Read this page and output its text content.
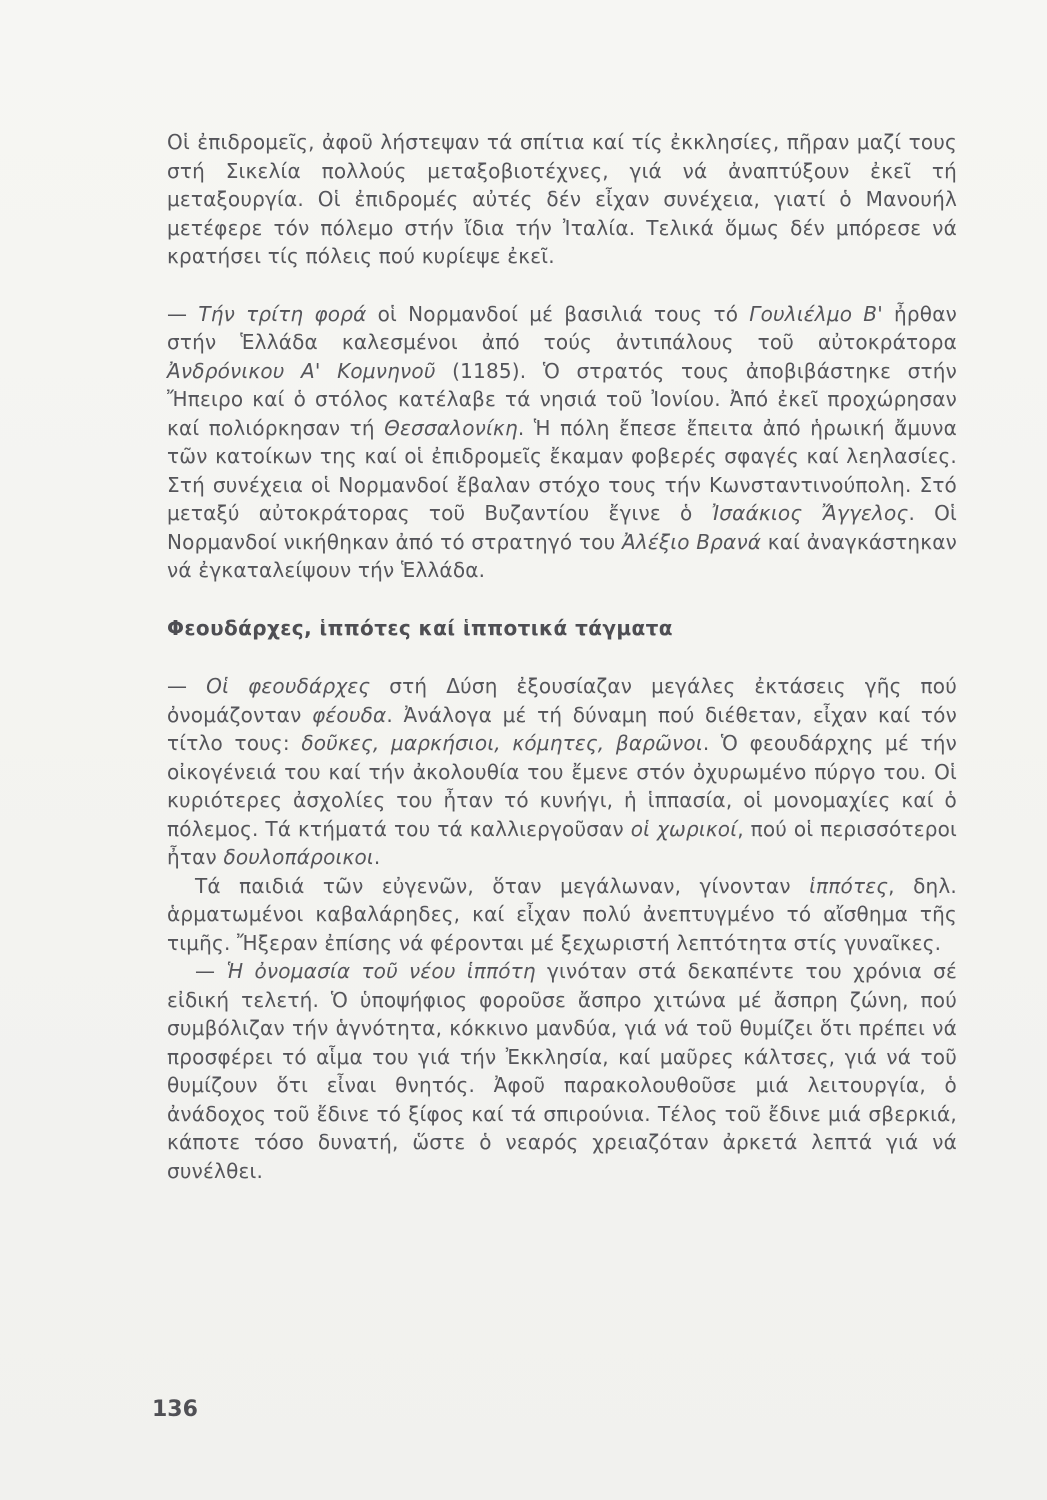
Οἱ ἐπιδρομεῖς, ἀφοῦ λήστεψαν τά σπίτια καί τίς ἐκκλησίες, πῆραν μαζί τους στή Σικελία πολλούς μεταξοβιοτέχνες, γιά νά ἀναπτύξουν ἐκεῖ τή μεταξουργία. Οἱ ἐπιδρομές αὐτές δέν εἶχαν συνέχεια, γιατί ὁ Μανουήλ μετέφερε τόν πόλεμο στήν ἴδια τήν Ἰταλία. Τελικά ὅμως δέν μπόρεσε νά κρατήσει τίς πόλεις πού κυρίεψε ἐκεῖ.

— Τήν τρίτη φορά οἱ Νορμανδοί μέ βασιλιά τους τό Γουλιέλμο Β' ἦρθαν στήν Ἑλλάδα καλεσμένοι ἀπό τούς ἀντιπάλους τοῦ αὐτοκράτορα Ἀνδρόνικου Α' Κομνηνοῦ (1185). Ὁ στρατός τους ἀποβιβάστηκε στήν Ἤπειρο καί ὁ στόλος κατέλαβε τά νησιά τοῦ Ἰονίου. Ἀπό ἐκεῖ προχώρησαν καί πολιόρκησαν τή Θεσσαλονίκη. Ἡ πόλη ἔπεσε ἔπειτα ἀπό ἡρωική ἄμυνα τῶν κατοίκων της καί οἱ ἐπιδρομεῖς ἔκαμαν φοβερές σφαγές καί λεηλασίες. Στή συνέχεια οἱ Νορμανδοί ἔβαλαν στόχο τους τήν Κωνσταντινούπολη. Στό μεταξύ αὐτοκράτορας τοῦ Βυζαντίου ἔγινε ὁ Ἰσαάκιος Ἄγγελος. Οἱ Νορμανδοί νικήθηκαν ἀπό τό στρατηγό του Ἀλέξιο Βρανά καί ἀναγκάστηκαν νά ἐγκαταλείψουν τήν Ἑλλάδα.

Φεουδάρχες, ἱππότες καί ἱπποτικά τάγματα

— Οἱ φεουδάρχες στή Δύση ἐξουσίαζαν μεγάλες ἐκτάσεις γῆς πού ὀνομάζονταν φέουδα. Ἀνάλογα μέ τή δύναμη πού διέθεταν, εἶχαν καί τόν τίτλο τους: δοῦκες, μαρκήσιοι, κόμητες, βαρῶνοι. Ὁ φεουδάρχης μέ τήν οἰκογένειά του καί τήν ἀκολουθία του ἔμενε στόν ὀχυρωμένο πύργο του. Οἱ κυριότερες ἀσχολίες του ἦταν τό κυνήγι, ἡ ἱππασία, οἱ μονομαχίες καί ὁ πόλεμος. Τά κτήματά του τά καλλιεργοῦσαν οἱ χωρικοί, πού οἱ περισσότεροι ἦταν δουλοπάροικοι.

Τά παιδιά τῶν εὐγενῶν, ὅταν μεγάλωναν, γίνονταν ἱππότες, δηλ. ἁρματωμένοι καβαλάρηδες, καί εἶχαν πολύ ἀνεπτυγμένο τό αἴσθημα τῆς τιμῆς. Ἤξεραν ἐπίσης νά φέρονται μέ ξεχωριστή λεπτότητα στίς γυναῖκες.

— Ἡ ὀνομασία τοῦ νέου ἱππότη γινόταν στά δεκαπέντε του χρόνια σέ εἰδική τελετή. Ὁ ὑποψήφιος φοροῦσε ἄσπρο χιτώνα μέ ἄσπρη ζώνη, πού συμβόλιζαν τήν ἁγνότητα, κόκκινο μανδύα, γιά νά τοῦ θυμίζει ὅτι πρέπει νά προσφέρει τό αἷμα του γιά τήν Ἐκκλησία, καί μαῦρες κάλτσες, γιά νά τοῦ θυμίζουν ὅτι εἶναι θνητός. Ἀφοῦ παρακολουθοῦσε μιά λειτουργία, ὁ ἀνάδοχος τοῦ ἔδινε τό ξίφος καί τά σπιρούνια. Τέλος τοῦ ἔδινε μιά σβερκιά, κάποτε τόσο δυνατή, ὥστε ὁ νεαρός χρειαζόταν ἀρκετά λεπτά γιά νά συνέλθει.

136
